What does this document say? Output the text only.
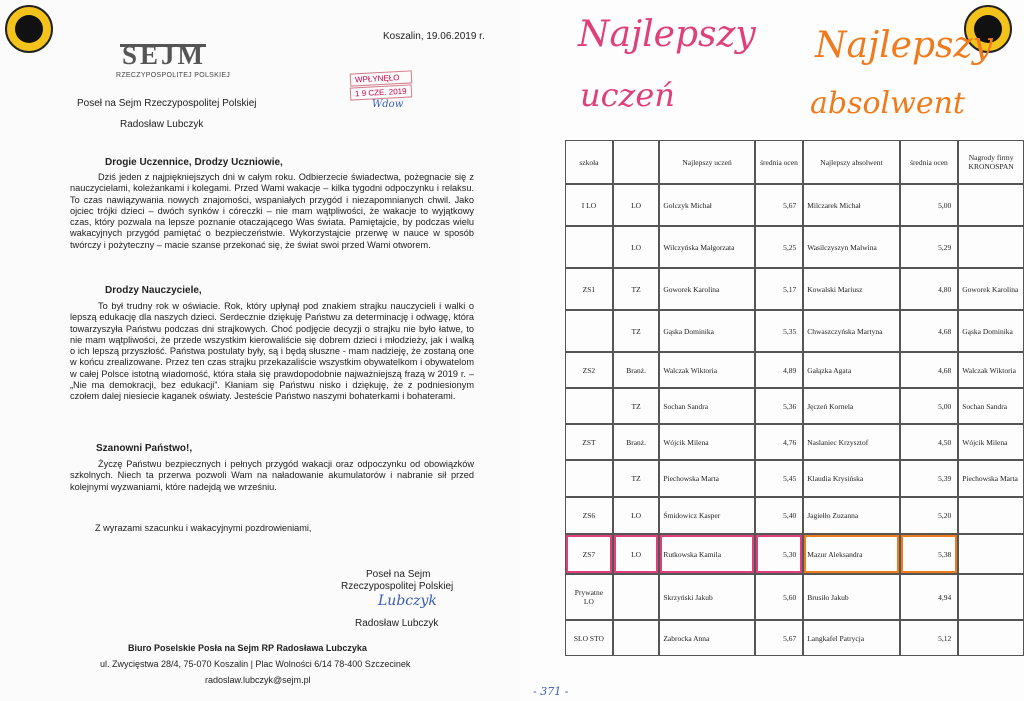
SEJM
RZECZYPOSPOLITEJ POLSKIEJ
Koszalin, 19.06.2019 r.
WPŁYNĘŁO
1 9 CZE. 2019
Wdow
Poseł na Sejm Rzeczypospolitej Polskiej
Radosław Lubczyk
Drogie Uczennice, Drodzy Uczniowie,
Dziś jeden z najpiękniejszych dni w całym roku. Odbierzecie świadectwa, pożegnacie się z nauczycielami, koleżankami i kolegami. Przed Wami wakacje – kilka tygodni odpoczynku i relaksu. To czas nawiązywania nowych znajomości, wspaniałych przygód i niezapomnianych chwil. Jako ojciec trójki dzieci – dwóch synków i córeczki – nie mam wątpliwości, że wakacje to wyjątkowy czas, który pozwala na lepsze poznanie otaczającego Was świata. Pamiętajcie, by podczas wielu wakacyjnych przygód pamiętać o bezpieczeństwie. Wykorzystajcie przerwę w nauce w sposób twórczy i pożyteczny – macie szanse przekonać się, że świat swoi przed Wami otworem.
Drodzy Nauczyciele,
To był trudny rok w oświacie. Rok, który upłynął pod znakiem strajku nauczycieli i walki o lepszą edukację dla naszych dzieci. Serdecznie dziękuję Państwu za determinację i odwagę, która towarzyszyła Państwu podczas dni strajkowych. Choć podjęcie decyzji o strajku nie było łatwe, to nie mam wątpliwości, że przede wszystkim kierowaliście się dobrem dzieci i młodzieży, jak i walką o ich lepszą przyszłość. Państwa postulaty były, są i będą słuszne - mam nadzieję, że zostaną one w końcu zrealizowane. Przez ten czas strajku przekazaliście wszystkim obywatelkom i obywatelom w całej Polsce istotną wiadomość, która stała się prawdopodobnie najważniejszą frazą w 2019 r. – „Nie ma demokracji, bez edukacji”. Kłaniam się Państwu nisko i dziękuję, że z podniesionym czołem dalej niesiecie kaganek oświaty. Jesteście Państwo naszymi bohaterkami i bohaterami.
Szanowni Państwo!,
Życzę Państwu bezpiecznych i pełnych przygód wakacji oraz odpoczynku od obowiązków szkolnych. Niech ta przerwa pozwoli Wam na naładowanie akumulatorów i nabranie sił przed kolejnymi wyzwaniami, które nadejdą we wrześniu.
Z wyrazami szacunku i wakacyjnymi pozdrowieniami,
Poseł na Sejm
Rzeczypospolitej Polskiej
Lubczyk
Radosław Lubczyk
Biuro Poselskie Posła na Sejm RP Radosława Lubczyka
ul. Zwycięstwa 28/4, 75-070 Koszalin | Plac Wolności 6/14 78-400 Szczecinek
radoslaw.lubczyk@sejm.pl
Najlepszy
uczeń
Najlepszy
absolwent
szkoła		Najlepszy uczeń	średnia ocen	Najlepszy absolwent	średnia ocen	Nagrody firmy KRONOSPAN
I LO	LO	Golczyk Michał	5,67	Milczarek Michał	5,00	
	LO	Wilczyńska Małgorzata	5,25	Wasilczyszyn Malwina	5,29	
ZS1	TZ	Goworek Karolina	5,17	Kowalski Mariusz	4,80	Goworek Karolina
	TZ	Gąska Dominika	5,35	Chwaszczyńska Martyna	4,68	Gąska Dominika
ZS2	Branż.	Walczak Wiktoria	4,89	Gałązka Agata	4,68	Walczak Wiktoria
	TZ	Sochan Sandra	5,36	Jęczeń Kornela	5,00	Sochan Sandra
ZST	Branż.	Wójcik Milena	4,76	Naslaniec Krzysztof	4,50	Wójcik Milena
	TZ	Piechowska Marta	5,45	Klaudia Krysińska	5,39	Piechowska Marta
ZS6	LO	Śmidowicz Kasper	5,40	Jagiełło Zuzanna	5,20	
ZS7	LO	Rutkowska Kamila	5,30	Mazur Aleksandra	5,38	
Prywatne LO		Skrzyński Jakub	5,60	Brusiło Jakub	4,94	
SLO STO		Zabrocka Anna	5,67	Langkafel Patrycja	5,12	
- 371 -
